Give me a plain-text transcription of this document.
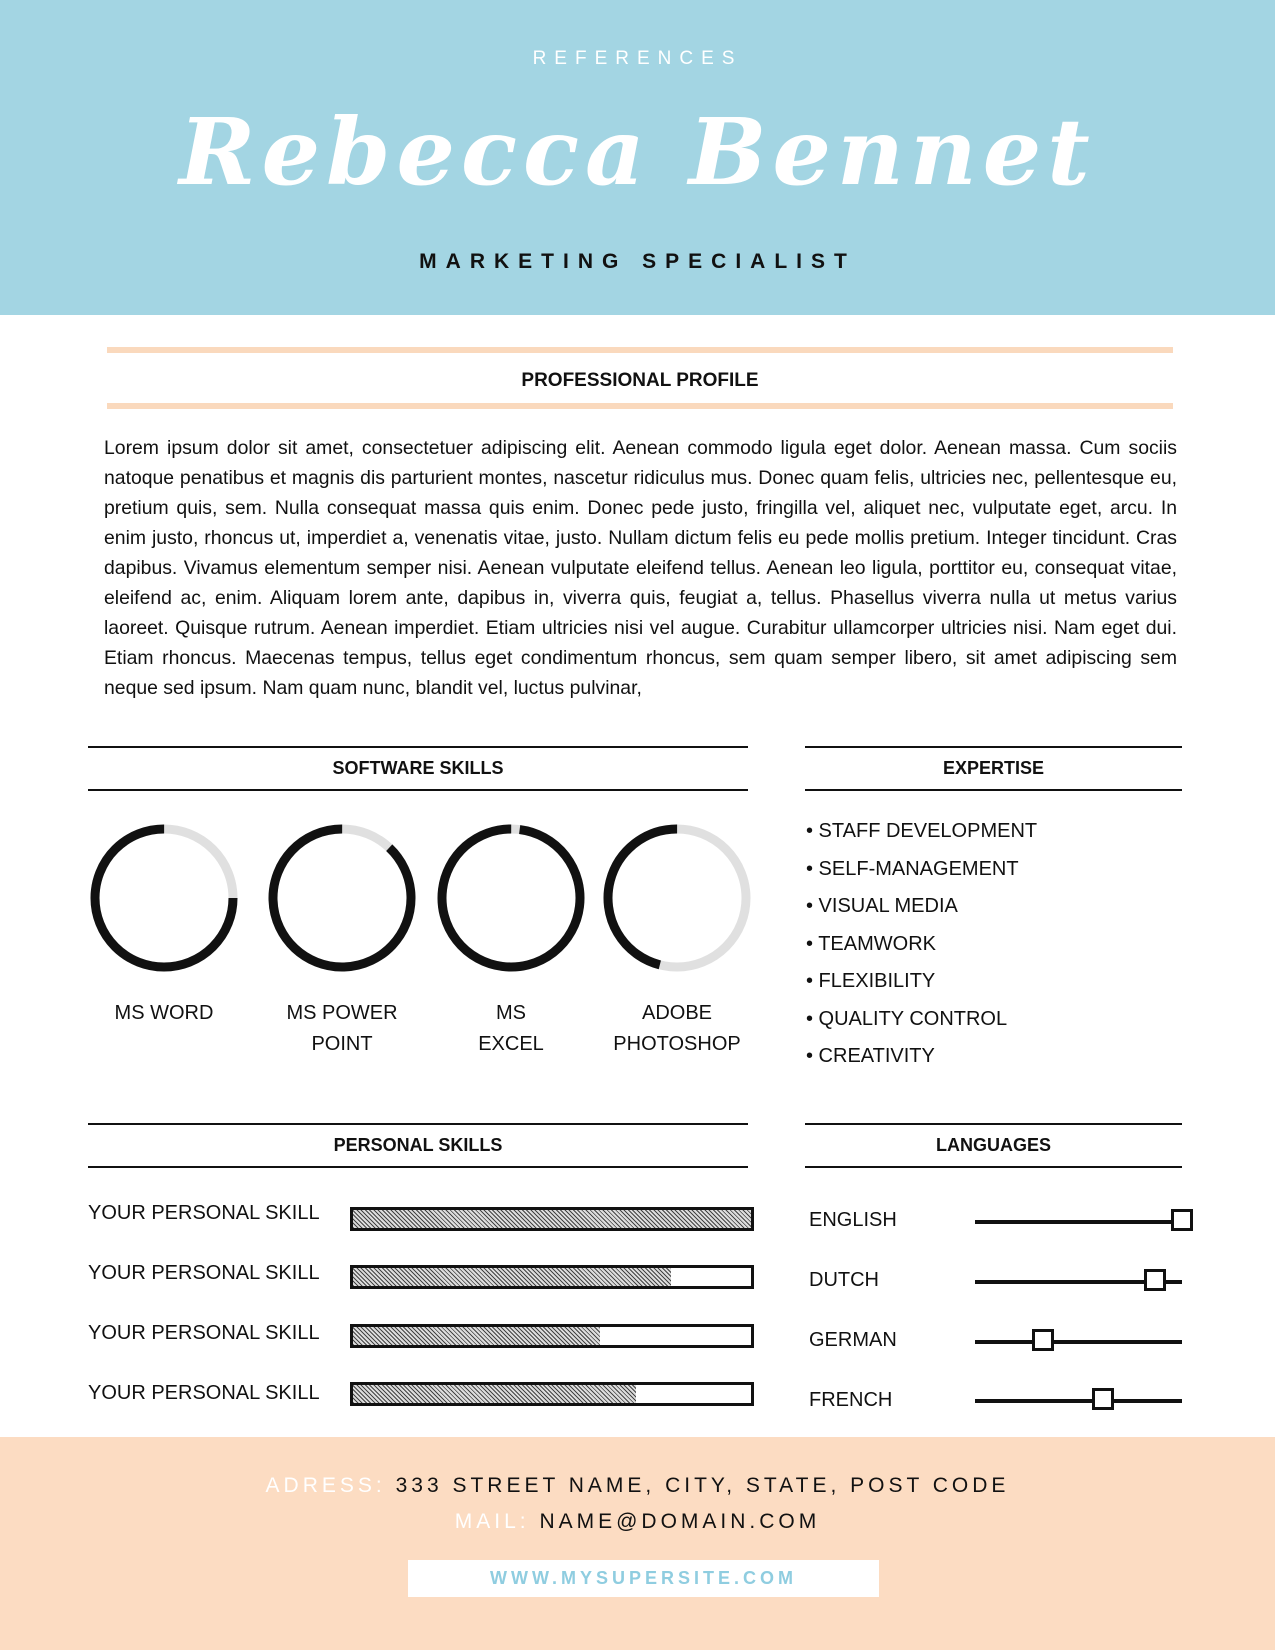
REFERENCES
Rebecca Bennet
MARKETING SPECIALIST
PROFESSIONAL PROFILE
Lorem ipsum dolor sit amet, consectetuer adipiscing elit. Aenean commodo ligula eget dolor. Aenean massa. Cum sociis natoque penatibus et magnis dis parturient montes, nascetur ridiculus mus. Donec quam felis, ultricies nec, pellentesque eu, pretium quis, sem. Nulla consequat massa quis enim. Donec pede justo, fringilla vel, aliquet nec, vulputate eget, arcu. In enim justo, rhoncus ut, imperdiet a, venenatis vitae, justo. Nullam dictum felis eu pede mollis pretium. Integer tincidunt. Cras dapibus. Vivamus elementum semper nisi. Aenean vulputate eleifend tellus. Aenean leo ligula, porttitor eu, consequat vitae, eleifend ac, enim. Aliquam lorem ante, dapibus in, viverra quis, feugiat a, tellus. Phasellus viverra nulla ut metus varius laoreet. Quisque rutrum. Aenean imperdiet. Etiam ultricies nisi vel augue. Curabitur ullamcorper ultricies nisi. Nam eget dui. Etiam rhoncus. Maecenas tempus, tellus eget condimentum rhoncus, sem quam semper libero, sit amet adipiscing sem neque sed ipsum. Nam quam nunc, blandit vel, luctus pulvinar,
SOFTWARE SKILLS
MS WORD	MS POWER
POINT
MS
EXCEL
ADOBE
PHOTOSHOP
EXPERTISE
• STAFF DEVELOPMENT
• SELF-MANAGEMENT
• VISUAL MEDIA
• TEAMWORK
• FLEXIBILITY
• QUALITY CONTROL
• CREATIVITY
PERSONAL SKILLS
YOUR PERSONAL SKILL
YOUR PERSONAL SKILL
YOUR PERSONAL SKILL
YOUR PERSONAL SKILL
LANGUAGES
ENGLISH
DUTCH
GERMAN
FRENCH
ADRESS: 333 STREET NAME, CITY, STATE, POST CODE
MAIL: NAME@DOMAIN.COM
WWW.MYSUPERSITE.COM
